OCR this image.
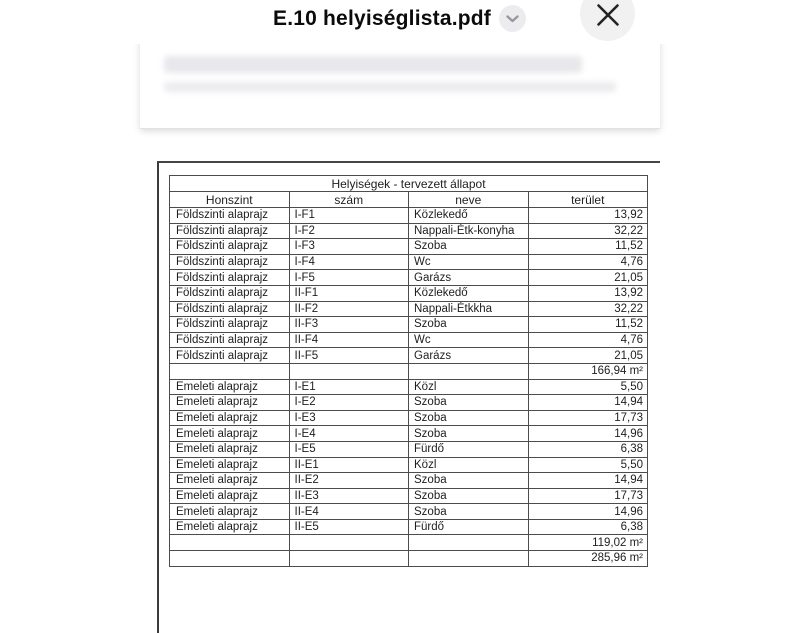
E.10 helyiséglista.pdf
Helyiségek - tervezett állapot			
Honszint	szám	neve	terület
Földszinti alaprajz	I-F1	Közlekedő	13,92
Földszinti alaprajz	I-F2	Nappali-Étk-konyha	32,22
Földszinti alaprajz	I-F3	Szoba	11,52
Földszinti alaprajz	I-F4	Wc	4,76
Földszinti alaprajz	I-F5	Garázs	21,05
Földszinti alaprajz	II-F1	Közlekedő	13,92
Földszinti alaprajz	II-F2	Nappali-Étkkha	32,22
Földszinti alaprajz	II-F3	Szoba	11,52
Földszinti alaprajz	II-F4	Wc	4,76
Földszinti alaprajz	II-F5	Garázs	21,05
			166,94 m²
Emeleti alaprajz	I-E1	Közl	5,50
Emeleti alaprajz	I-E2	Szoba	14,94
Emeleti alaprajz	I-E3	Szoba	17,73
Emeleti alaprajz	I-E4	Szoba	14,96
Emeleti alaprajz	I-E5	Fürdő	6,38
Emeleti alaprajz	II-E1	Közl	5,50
Emeleti alaprajz	II-E2	Szoba	14,94
Emeleti alaprajz	II-E3	Szoba	17,73
Emeleti alaprajz	II-E4	Szoba	14,96
Emeleti alaprajz	II-E5	Fürdő	6,38
			119,02 m²
			285,96 m²
